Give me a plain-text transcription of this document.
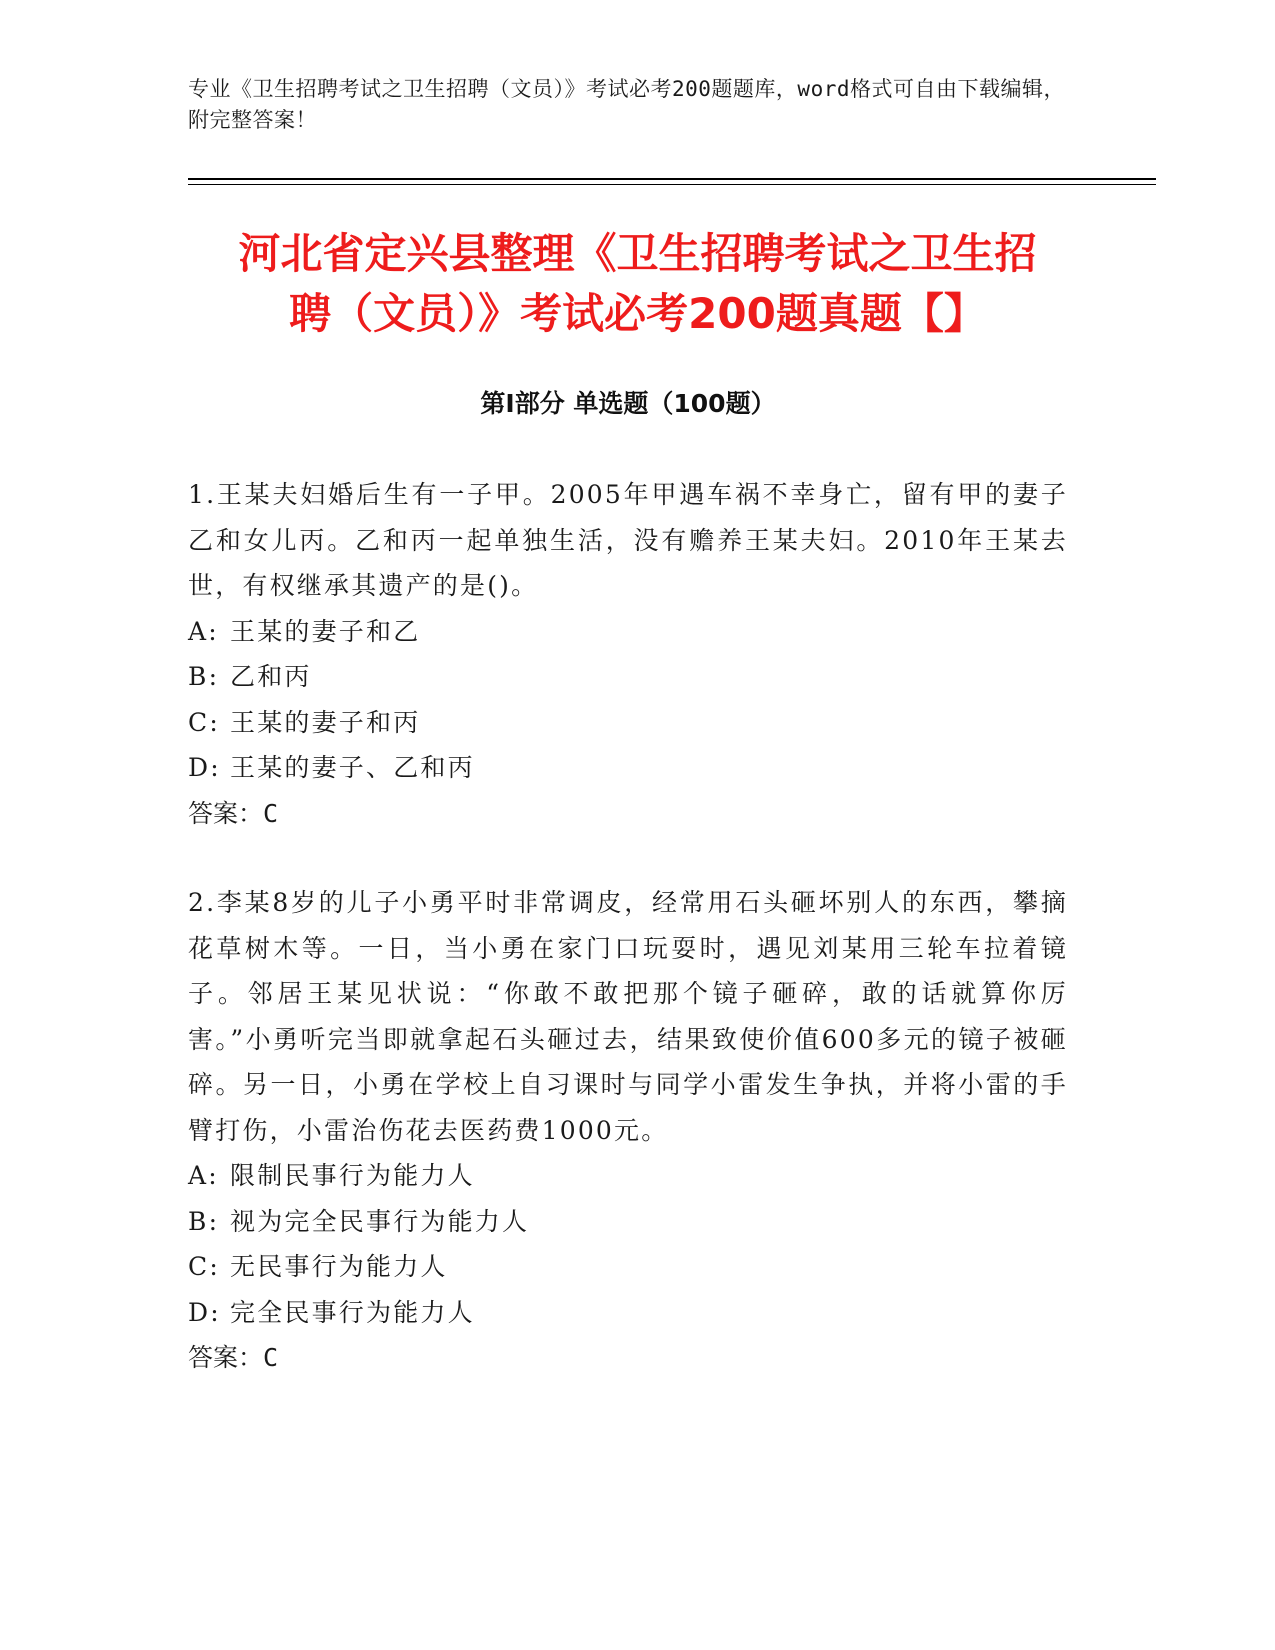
专业《卫生招聘考试之卫生招聘（文员）》考试必考200题题库，word格式可自由下载编辑，附完整答案！
河北省定兴县整理《卫生招聘考试之卫生招
聘（文员）》考试必考200题真题【】
第I部分 单选题（100题）

1.王某夫妇婚后生有一子甲。2005年甲遇车祸不幸身亡，留有甲的妻子乙和女儿丙。乙和丙一起单独生活，没有赡养王某夫妇。2010年王某去世，有权继承其遗产的是()。

A: 王某的妻子和乙

B: 乙和丙

C: 王某的妻子和丙

D: 王某的妻子、乙和丙

答案：C

2.李某8岁的儿子小勇平时非常调皮，经常用石头砸坏别人的东西，攀摘花草树木等。一日，当小勇在家门口玩耍时，遇见刘某用三轮车拉着镜子。邻居王某见状说：“你敢不敢把那个镜子砸碎，敢的话就算你厉害。”小勇听完当即就拿起石头砸过去，结果致使价值600多元的镜子被砸碎。另一日，小勇在学校上自习课时与同学小雷发生争执，并将小雷的手臂打伤，小雷治伤花去医药费1000元。

A: 限制民事行为能力人

B: 视为完全民事行为能力人

C: 无民事行为能力人

D: 完全民事行为能力人

答案：C
